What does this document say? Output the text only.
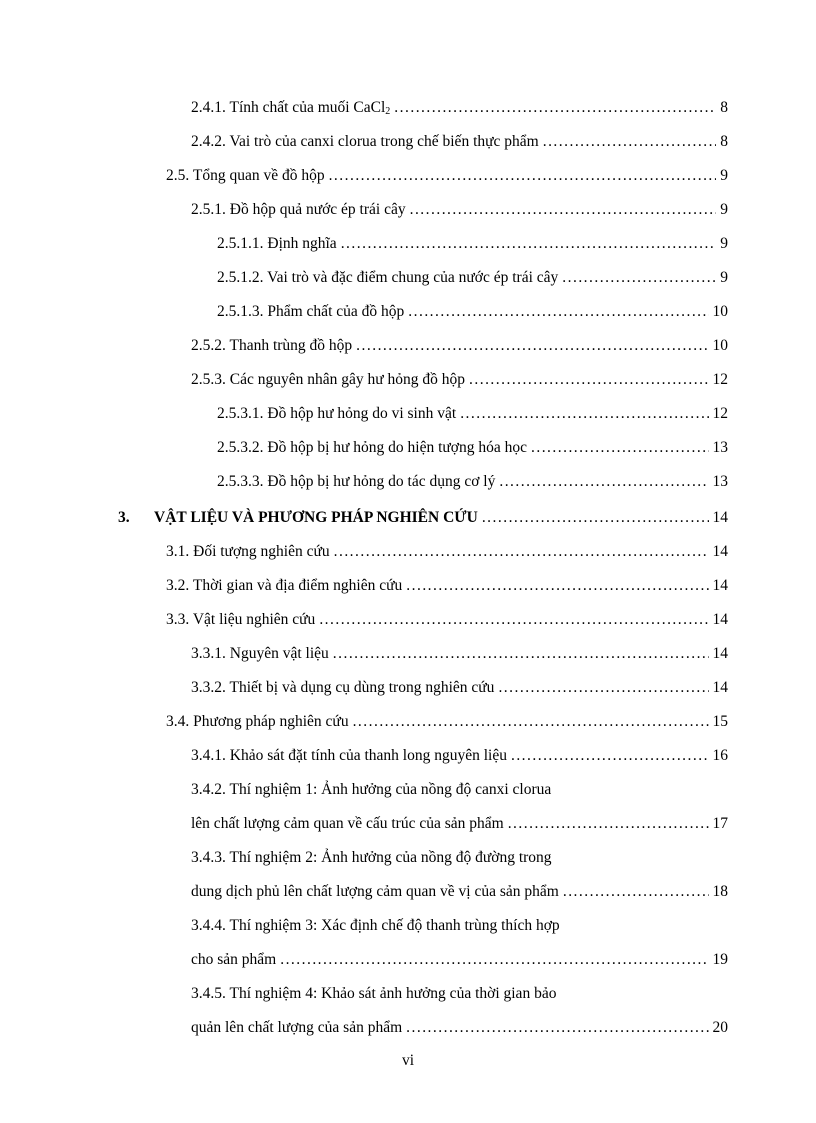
2.4.1. Tính chất của muối CaCl$_2$ . . .	8
2.4.2. Vai trò của canxi clorua trong chế biến thực phẩm . . .	8
2.5. Tổng quan về đồ hộp . . .	9
2.5.1. Đồ hộp quả nước ép trái cây . . .	9
2.5.1.1. Định nghĩa . . .	9
2.5.1.2. Vai trò và đặc điểm chung của nước ép trái cây . . .	9
2.5.1.3. Phẩm chất của đồ hộp . . .	10
2.5.2. Thanh trùng đồ hộp . . .	10
2.5.3. Các nguyên nhân gây hư hỏng đồ hộp . . .	12
2.5.3.1. Đồ hộp hư hỏng do vi sinh vật . . .	12
2.5.3.2. Đồ hộp bị hư hỏng do hiện tượng hóa học . . .	13
2.5.3.3. Đồ hộp bị hư hỏng do tác dụng cơ lý . . .	13
3. VẬT LIỆU VÀ PHƯƠNG PHÁP NGHIÊN CỨU . . .	14
3.1. Đối tượng nghiên cứu . . .	14
3.2. Thời gian và địa điểm nghiên cứu . . .	14
3.3. Vật liệu nghiên cứu . . .	14
3.3.1. Nguyên vật liệu . . .	14
3.3.2. Thiết bị và dụng cụ dùng trong nghiên cứu . . .	14
3.4. Phương pháp nghiên cứu . . .	15
3.4.1. Khảo sát đặt tính của thanh long nguyên liệu . . .	16
3.4.2. Thí nghiệm 1: Ảnh hưởng của nồng độ canxi clorua
lên chất lượng cảm quan về cấu trúc của sản phẩm . . .	17
3.4.3. Thí nghiệm 2: Ảnh hưởng của nồng độ đường trong
dung dịch phủ lên chất lượng cảm quan về vị của sản phẩm . . .	18
3.4.4. Thí nghiệm 3: Xác định chế độ thanh trùng thích hợp
cho sản phẩm . . .	19
3.4.5. Thí nghiệm 4: Khảo sát ảnh hưởng của thời gian bảo
quản lên chất lượng của sản phẩm . . .	20
vi
